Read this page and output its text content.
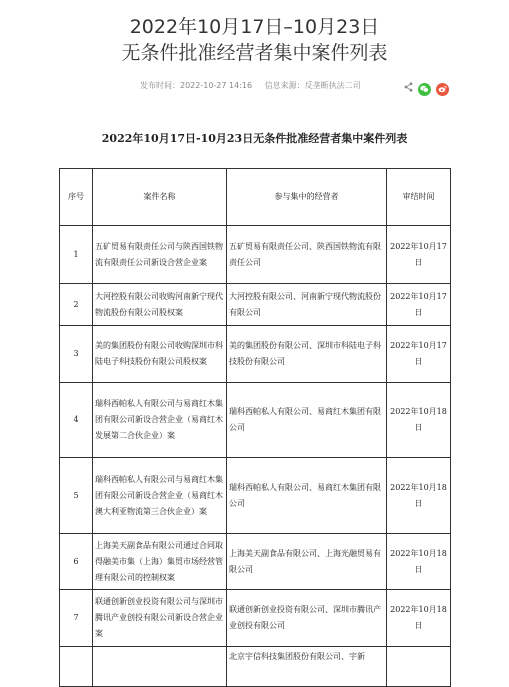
2022年10月17日–10月23日
无条件批准经营者集中案件列表
发布时间：2022-10-27 14:16 信息来源：反垄断执法二司
2022年10月17日-10月23日无条件批准经营者集中案件列表
序号	案件名称	参与集中的经营者	审结时间
1	五矿贸易有限责任公司与陕西国铁物流有限责任公司新设合营企业案	五矿贸易有限责任公司、陕西国铁物流有限责任公司	2022年10月17日
2	大河控股有限公司收购河南新宁现代物流股份有限公司股权案	大河控股有限公司、河南新宁现代物流股份有限公司	2022年10月17日
3	美的集团股份有限公司收购深圳市科陆电子科技股份有限公司股权案	美的集团股份有限公司、深圳市科陆电子科技股份有限公司	2022年10月17日
4	瑞科西帕私人有限公司与易商红木集团有限公司新设合营企业（易商红木发展第二合伙企业）案	瑞科西帕私人有限公司、易商红木集团有限公司	2022年10月18日
5	瑞科西帕私人有限公司与易商红木集团有限公司新设合营企业（易商红木澳大利亚物流第三合伙企业）案	瑞科西帕私人有限公司、易商红木集团有限公司	2022年10月18日
6	上海美天副食品有限公司通过合同取得融美市集（上海）集贸市场经营管理有限公司的控制权案	上海美天副食品有限公司、上海光融贸易有限公司	2022年10月18日
7	联通创新创业投资有限公司与深圳市腾讯产业创投有限公司新设合营企业案	联通创新创业投资有限公司、深圳市腾讯产业创投有限公司	2022年10月18日
		北京宇信科技集团股份有限公司、宇新	
